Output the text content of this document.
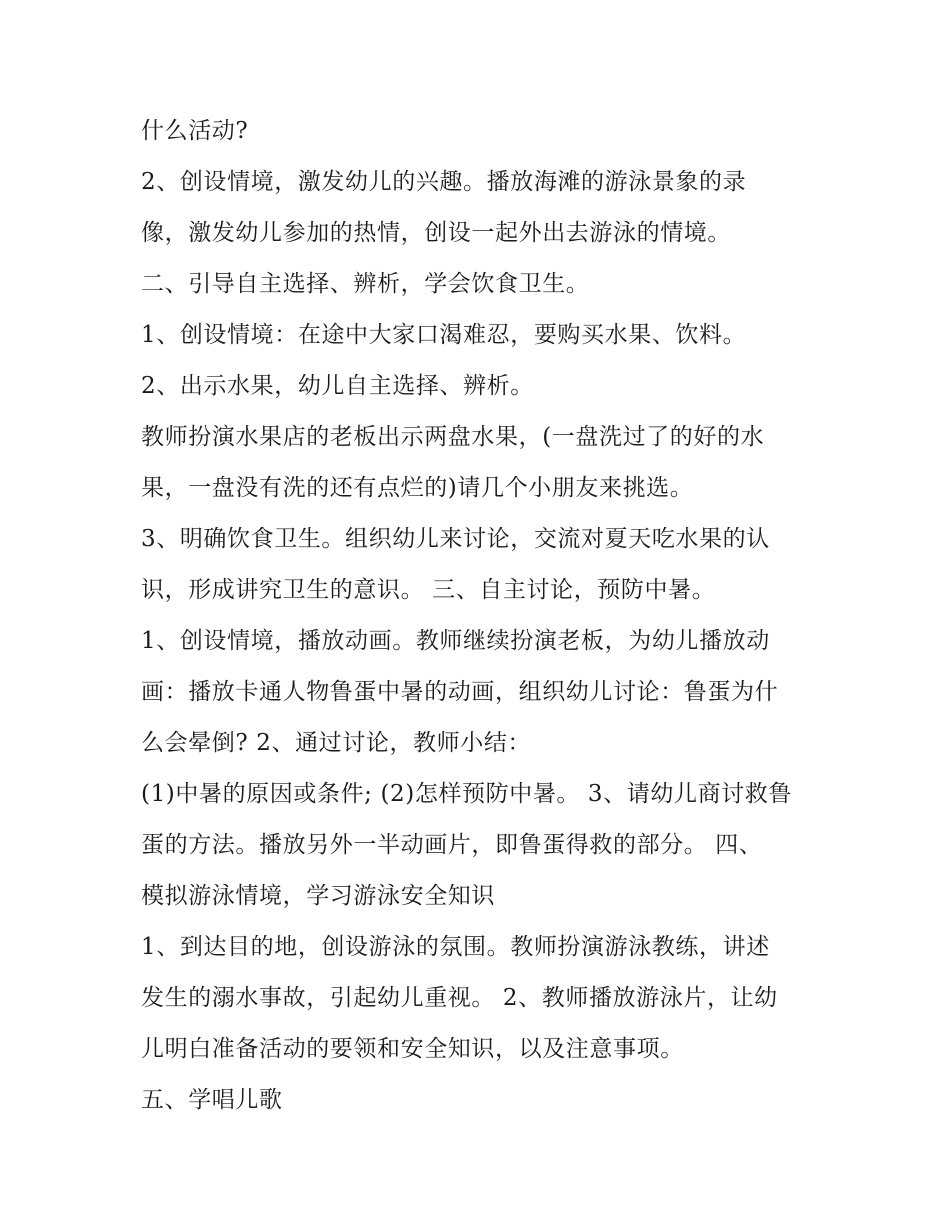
什么活动?
2、创设情境，激发幼儿的兴趣。播放海滩的游泳景象的录
像，激发幼儿参加的热情，创设一起外出去游泳的情境。
二、引导自主选择、辨析，学会饮食卫生。
1、创设情境：在途中大家口渴难忍，要购买水果、饮料。
2、出示水果，幼儿自主选择、辨析。
教师扮演水果店的老板出示两盘水果，(一盘洗过了的好的水
果，一盘没有洗的还有点烂的)请几个小朋友来挑选。
3、明确饮食卫生。组织幼儿来讨论，交流对夏天吃水果的认
识，形成讲究卫生的意识。 三、自主讨论，预防中暑。
1、创设情境，播放动画。教师继续扮演老板，为幼儿播放动
画：播放卡通人物鲁蛋中暑的动画，组织幼儿讨论：鲁蛋为什
么会晕倒? 2、通过讨论，教师小结：
(1)中暑的原因或条件; (2)怎样预防中暑。 3、请幼儿商讨救鲁
蛋的方法。播放另外一半动画片，即鲁蛋得救的部分。 四、
模拟游泳情境，学习游泳安全知识
1、到达目的地，创设游泳的氛围。教师扮演游泳教练，讲述
发生的溺水事故，引起幼儿重视。 2、教师播放游泳片，让幼
儿明白准备活动的要领和安全知识，以及注意事项。
五、学唱儿歌
